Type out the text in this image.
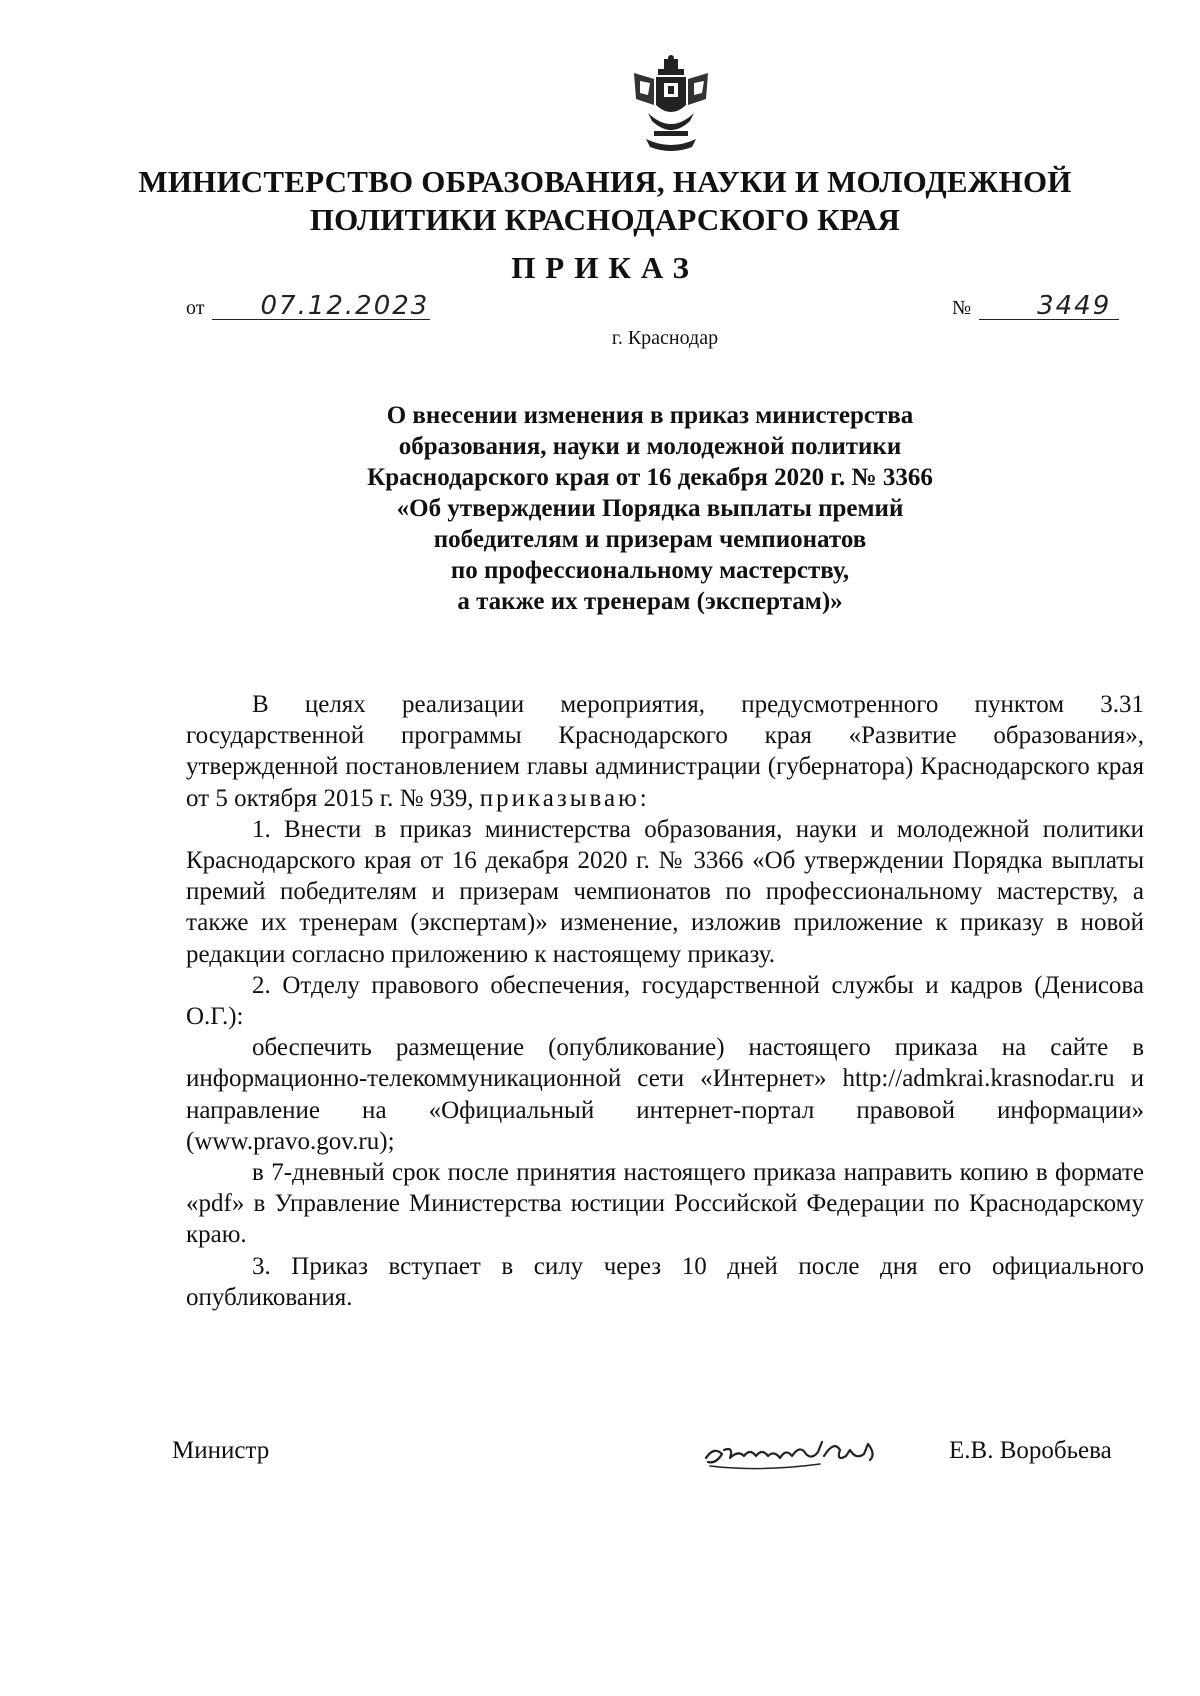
МИНИСТЕРСТВО ОБРАЗОВАНИЯ, НАУКИ И МОЛОДЕЖНОЙ
ПОЛИТИКИ КРАСНОДАРСКОГО КРАЯ
ПРИКАЗ
от 07.12.2023	№	3449
г. Краснодар
О внесении изменения в приказ министерства
образования, науки и молодежной политики
Краснодарского края от 16 декабря 2020 г. № 3366
«Об утверждении Порядка выплаты премий
победителям и призерам чемпионатов
по профессиональному мастерству,
а также их тренерам (экспертам)»

В целях реализации мероприятия, предусмотренного пунктом 3.31 государственной программы Краснодарского края «Развитие образования», утвержденной постановлением главы администрации (губернатора) Краснодарского края от 5 октября 2015 г. № 939, приказываю:

1. Внести в приказ министерства образования, науки и молодежной политики Краснодарского края от 16 декабря 2020 г. № 3366 «Об утверждении Порядка выплаты премий победителям и призерам чемпионатов по профессиональному мастерству, а также их тренерам (экспертам)» изменение, изложив приложение к приказу в новой редакции согласно приложению к настоящему приказу.

2. Отделу правового обеспечения, государственной службы и кадров (Денисова О.Г.):

обеспечить размещение (опубликование) настоящего приказа на сайте в информационно-телекоммуникационной сети «Интернет» http://admkrai.krasnodar.ru и направление на «Официальный интернет-портал правовой информации» (www.pravo.gov.ru);

в 7-дневный срок после принятия настоящего приказа направить копию в формате «pdf» в Управление Министерства юстиции Российской Федерации по Краснодарскому краю.

3. Приказ вступает в силу через 10 дней после дня его официального опубликования.

Министр	Е.В. Воробьева
